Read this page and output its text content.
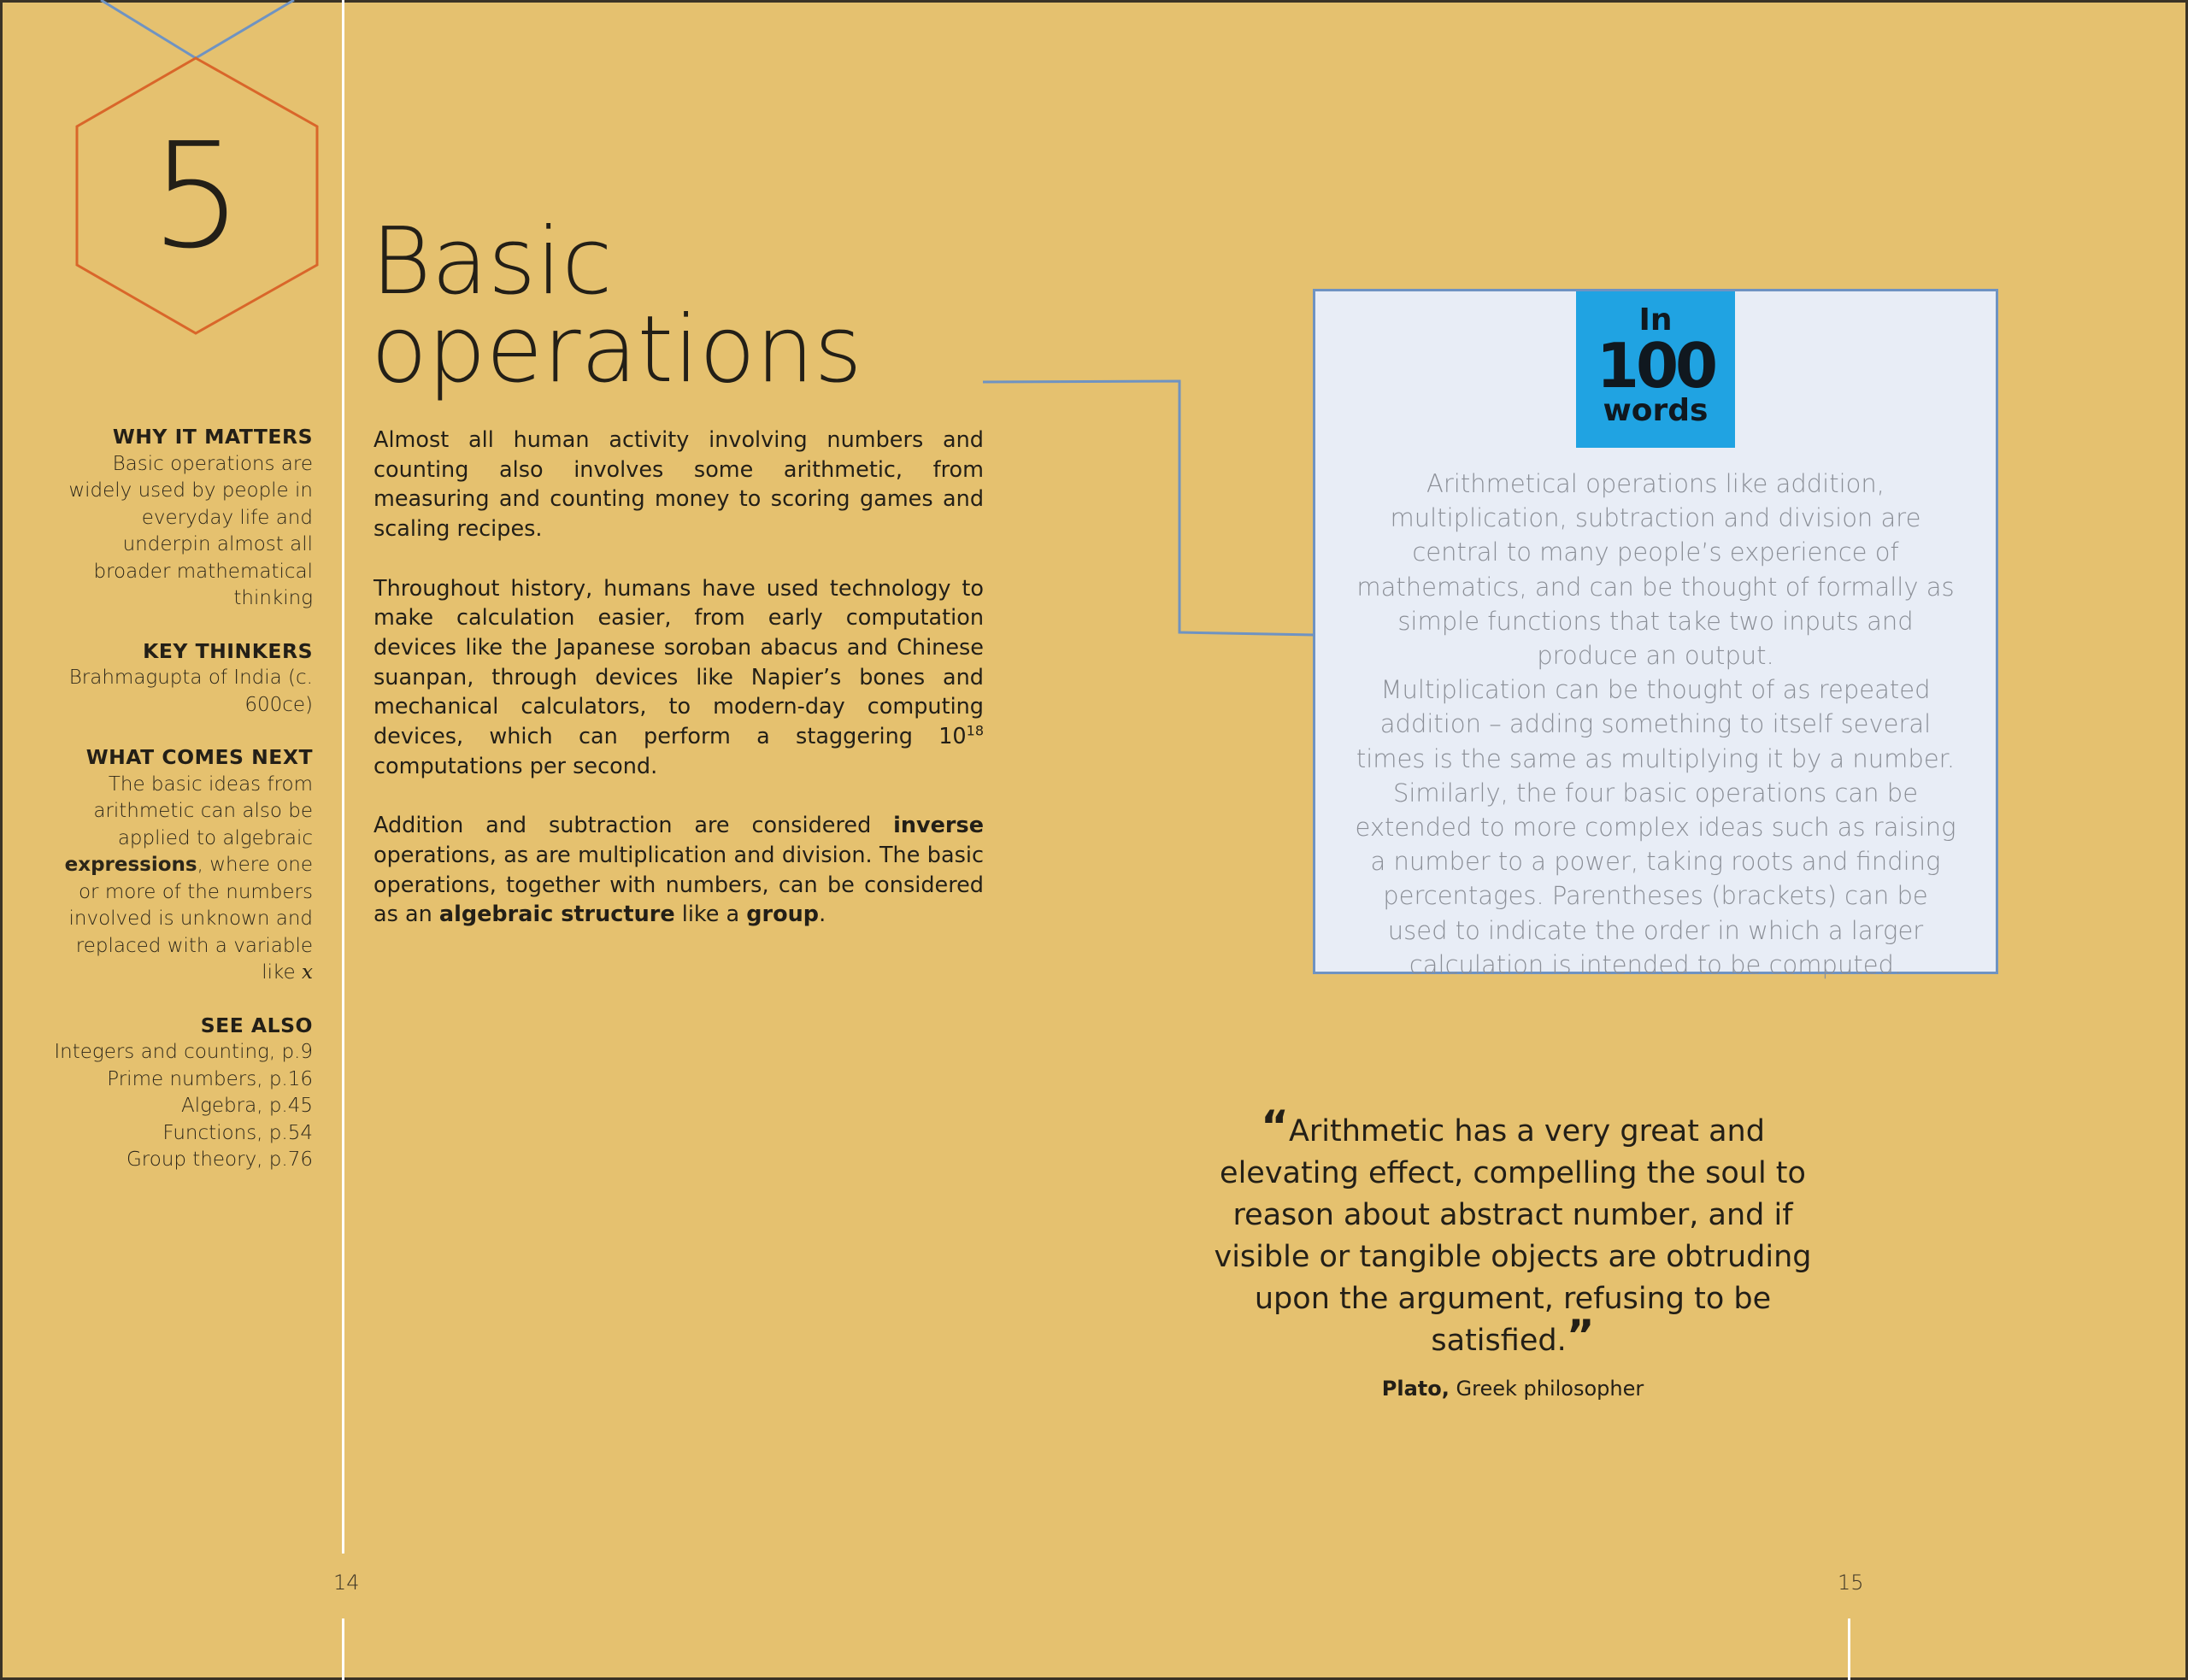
5
WHY IT MATTERS
Basic operations are widely used by people in everyday life and underpin almost all broader mathematical thinking
KEY THINKERS
Brahmagupta of India (c. 600ce)
WHAT COMES NEXT
The basic ideas from arithmetic can also be applied to algebraic expressions, where one or more of the numbers involved is unknown and replaced with a variable like x
SEE ALSO
Integers and counting, p.9
Prime numbers, p.16
Algebra, p.45
Functions, p.54
Group theory, p.76
Basic
operations

Almost all human activity involving numbers and counting also involves some arithmetic, from measuring and counting money to scoring games and scaling recipes.

Throughout history, humans have used technology to make calculation easier, from early computation devices like the Japanese soroban abacus and Chinese suanpan, through devices like Napier’s bones and mechanical calculators, to modern-day computing devices, which can perform a staggering $10^{18}$ computations per second.

Addition and subtraction are considered inverse operations, as are multiplication and division. The basic operations, together with numbers, can be considered as an algebraic structure like a group.

In
100
words
Arithmetical operations like addition, multiplication, subtraction and division are central to many people’s experience of mathematics, and can be thought of formally as simple functions that take two inputs and produce an output.
Multiplication can be thought of as repeated addition – adding something to itself several times is the same as multiplying it by a number. Similarly, the four basic operations can be extended to more complex ideas such as raising a number to a power, taking roots and finding percentages. Parentheses (brackets) can be used to indicate the order in which a larger calculation is intended to be computed.
“Arithmetic has a very great and elevating effect, compelling the soul to reason about abstract number, and if visible or tangible objects are obtruding upon the argument, refusing to be satisfied.”
Plato, Greek philosopher
14	15
